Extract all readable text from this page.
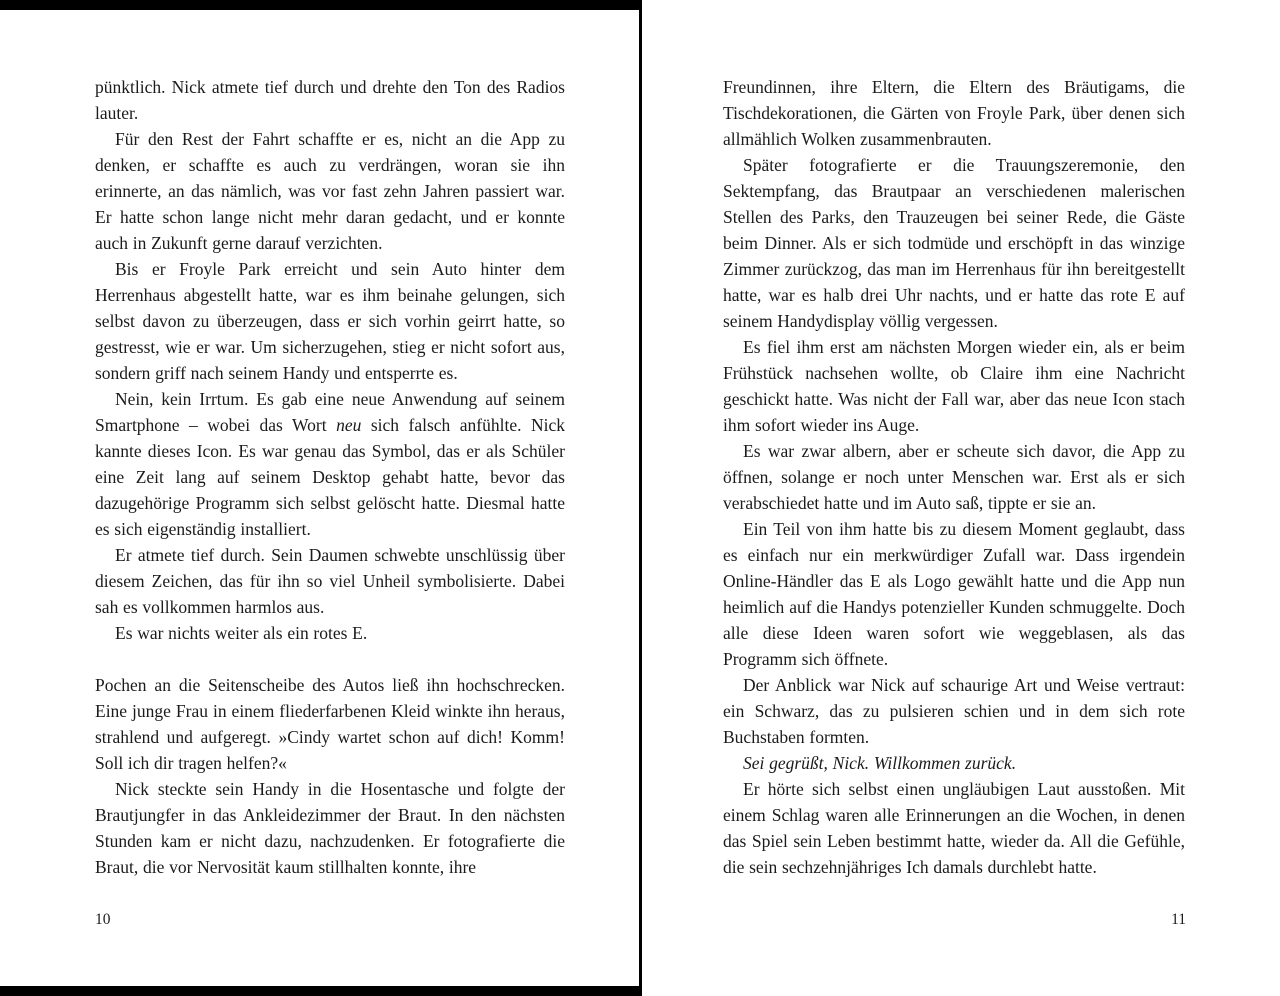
pünktlich. Nick atmete tief durch und drehte den Ton des Radios lauter.

Für den Rest der Fahrt schaffte er es, nicht an die App zu denken, er schaffte es auch zu verdrängen, woran sie ihn erinnerte, an das nämlich, was vor fast zehn Jahren passiert war. Er hatte schon lange nicht mehr daran gedacht, und er konnte auch in Zukunft gerne darauf verzichten.

Bis er Froyle Park erreicht und sein Auto hinter dem Herrenhaus abgestellt hatte, war es ihm beinahe gelungen, sich selbst davon zu überzeugen, dass er sich vorhin geirrt hatte, so gestresst, wie er war. Um sicherzugehen, stieg er nicht sofort aus, sondern griff nach seinem Handy und entsperrte es.

Nein, kein Irrtum. Es gab eine neue Anwendung auf seinem Smartphone – wobei das Wort neu sich falsch anfühlte. Nick kannte dieses Icon. Es war genau das Symbol, das er als Schüler eine Zeit lang auf seinem Desktop gehabt hatte, bevor das dazugehörige Programm sich selbst gelöscht hatte. Diesmal hatte es sich eigenständig installiert.

Er atmete tief durch. Sein Daumen schwebte unschlüssig über diesem Zeichen, das für ihn so viel Unheil symbolisierte. Dabei sah es vollkommen harmlos aus.

Es war nichts weiter als ein rotes E.

Pochen an die Seitenscheibe des Autos ließ ihn hochschrecken. Eine junge Frau in einem fliederfarbenen Kleid winkte ihn heraus, strahlend und aufgeregt. »Cindy wartet schon auf dich! Komm! Soll ich dir tragen helfen?«

Nick steckte sein Handy in die Hosentasche und folgte der Brautjungfer in das Ankleidezimmer der Braut. In den nächsten Stunden kam er nicht dazu, nachzudenken. Er fotografierte die Braut, die vor Nervosität kaum stillhalten konnte, ihre

10

Freundinnen, ihre Eltern, die Eltern des Bräutigams, die Tischdekorationen, die Gärten von Froyle Park, über denen sich allmählich Wolken zusammenbrauten.

Später fotografierte er die Trauungszeremonie, den Sektempfang, das Brautpaar an verschiedenen malerischen Stellen des Parks, den Trauzeugen bei seiner Rede, die Gäste beim Dinner. Als er sich todmüde und erschöpft in das winzige Zimmer zurückzog, das man im Herrenhaus für ihn bereitgestellt hatte, war es halb drei Uhr nachts, und er hatte das rote E auf seinem Handydisplay völlig vergessen.

Es fiel ihm erst am nächsten Morgen wieder ein, als er beim Frühstück nachsehen wollte, ob Claire ihm eine Nachricht geschickt hatte. Was nicht der Fall war, aber das neue Icon stach ihm sofort wieder ins Auge.

Es war zwar albern, aber er scheute sich davor, die App zu öffnen, solange er noch unter Menschen war. Erst als er sich verabschiedet hatte und im Auto saß, tippte er sie an.

Ein Teil von ihm hatte bis zu diesem Moment geglaubt, dass es einfach nur ein merkwürdiger Zufall war. Dass irgendein Online-Händler das E als Logo gewählt hatte und die App nun heimlich auf die Handys potenzieller Kunden schmuggelte. Doch alle diese Ideen waren sofort wie weggeblasen, als das Programm sich öffnete.

Der Anblick war Nick auf schaurige Art und Weise vertraut: ein Schwarz, das zu pulsieren schien und in dem sich rote Buchstaben formten.

Sei gegrüßt, Nick. Willkommen zurück.

Er hörte sich selbst einen ungläubigen Laut ausstoßen. Mit einem Schlag waren alle Erinnerungen an die Wochen, in denen das Spiel sein Leben bestimmt hatte, wieder da. All die Gefühle, die sein sechzehnjähriges Ich damals durchlebt hatte.

11
